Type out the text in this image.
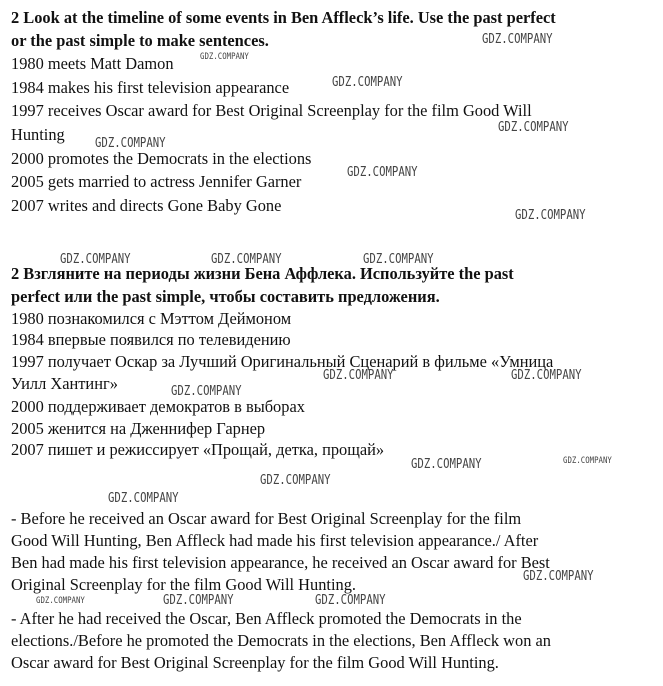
2 Look at the timeline of some events in Ben Affleck’s life. Use the past perfect
or the past simple to make sentences.
1980 meets Matt Damon
1984 makes his first television appearance
1997 receives Oscar award for Best Original Screenplay for the film Good Will
Hunting
2000 promotes the Democrats in the elections
2005 gets married to actress Jennifer Garner
2007 writes and directs Gone Baby Gone
2 Взгляните на периоды жизни Бена Аффлека. Используйте the past
perfect или the past simple, чтобы составить предложения.
1980 познакомился с Мэттом Деймоном
1984 впервые появился по телевидению
1997 получает Оскар за Лучший Оригинальный Сценарий в фильме «Умница
Уилл Хантинг»
2000 поддерживает демократов в выборах
2005 женится на Дженнифер Гарнер
2007 пишет и режиссирует «Прощай, детка, прощай»
- Before he received an Oscar award for Best Original Screenplay for the film
Good Will Hunting, Ben Affleck had made his first television appearance./ After
Ben had made his first television appearance, he received an Oscar award for Best
Original Screenplay for the film Good Will Hunting.
- After he had received the Oscar, Ben Affleck promoted the Democrats in the
elections./Before he promoted the Democrats in the elections, Ben Affleck won an
Oscar award for Best Original Screenplay for the film Good Will Hunting.
GDZ.COMPANY
GDZ.COMPANY
GDZ.COMPANY
GDZ.COMPANY
GDZ.COMPANY
GDZ.COMPANY
GDZ.COMPANY
GDZ.COMPANY	GDZ.COMPANY	GDZ.COMPANY
GDZ.COMPANY	GDZ.COMPANY
GDZ.COMPANY
GDZ.COMPANY	GDZ.COMPANY
GDZ.COMPANY
GDZ.COMPANY
GDZ.COMPANY
GDZ.COMPANY	GDZ.COMPANY	GDZ.COMPANY
